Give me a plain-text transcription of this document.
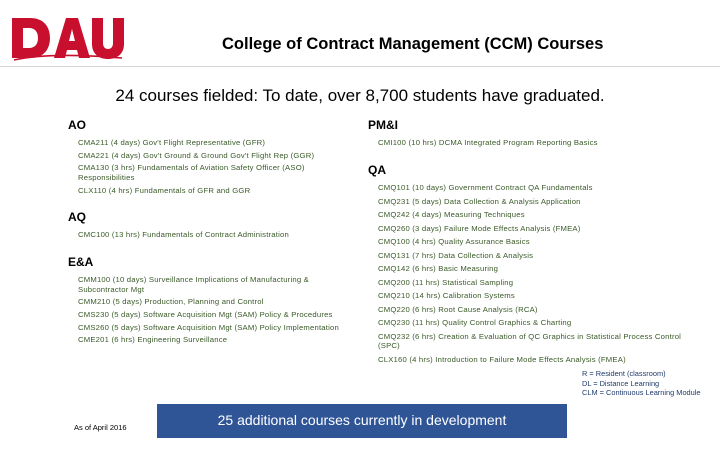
College of Contract Management (CCM) Courses
24 courses fielded: To date, over 8,700 students have graduated.
AO
CMA211 (4 days) Gov't Flight Representative (GFR)
CMA221 (4 days) Gov't Ground & Ground Gov't Flight Rep (GGR)
CMA130 (3 hrs) Fundamentals of Aviation Safety Officer (ASO) Responsibilities
CLX110 (4 hrs) Fundamentals of GFR and GGR
AQ
CMC100 (13 hrs) Fundamentals of Contract Administration
E&A
CMM100 (10 days) Surveillance Implications of Manufacturing & Subcontractor Mgt
CMM210 (5 days) Production, Planning and Control
CMS230 (5 days) Software Acquisition Mgt (SAM) Policy & Procedures
CMS260 (5 days) Software Acquisition Mgt (SAM) Policy Implementation
CME201 (6 hrs) Engineering Surveillance
PM&I
CMI100 (10 hrs) DCMA Integrated Program Reporting Basics
QA
CMQ101 (10 days) Government Contract QA Fundamentals
CMQ231 (5 days) Data Collection & Analysis Application
CMQ242 (4 days) Measuring Techniques
CMQ260 (3 days) Failure Mode Effects Analysis (FMEA)
CMQ100 (4 hrs) Quality Assurance Basics
CMQ131 (7 hrs) Data Collection & Analysis
CMQ142 (6 hrs) Basic Measuring
CMQ200 (11 hrs) Statistical Sampling
CMQ210 (14 hrs) Calibration Systems
CMQ220 (6 hrs) Root Cause Analysis (RCA)
CMQ230 (11 hrs) Quality Control Graphics & Charting
CMQ232 (6 hrs) Creation & Evaluation of QC Graphics in Statistical Process Control (SPC)
CLX160 (4 hrs) Introduction to Failure Mode Effects Analysis (FMEA)
R = Resident (classroom)
DL = Distance Learning
CLM = Continuous Learning Module
As of April 2016	25 additional courses currently in development
